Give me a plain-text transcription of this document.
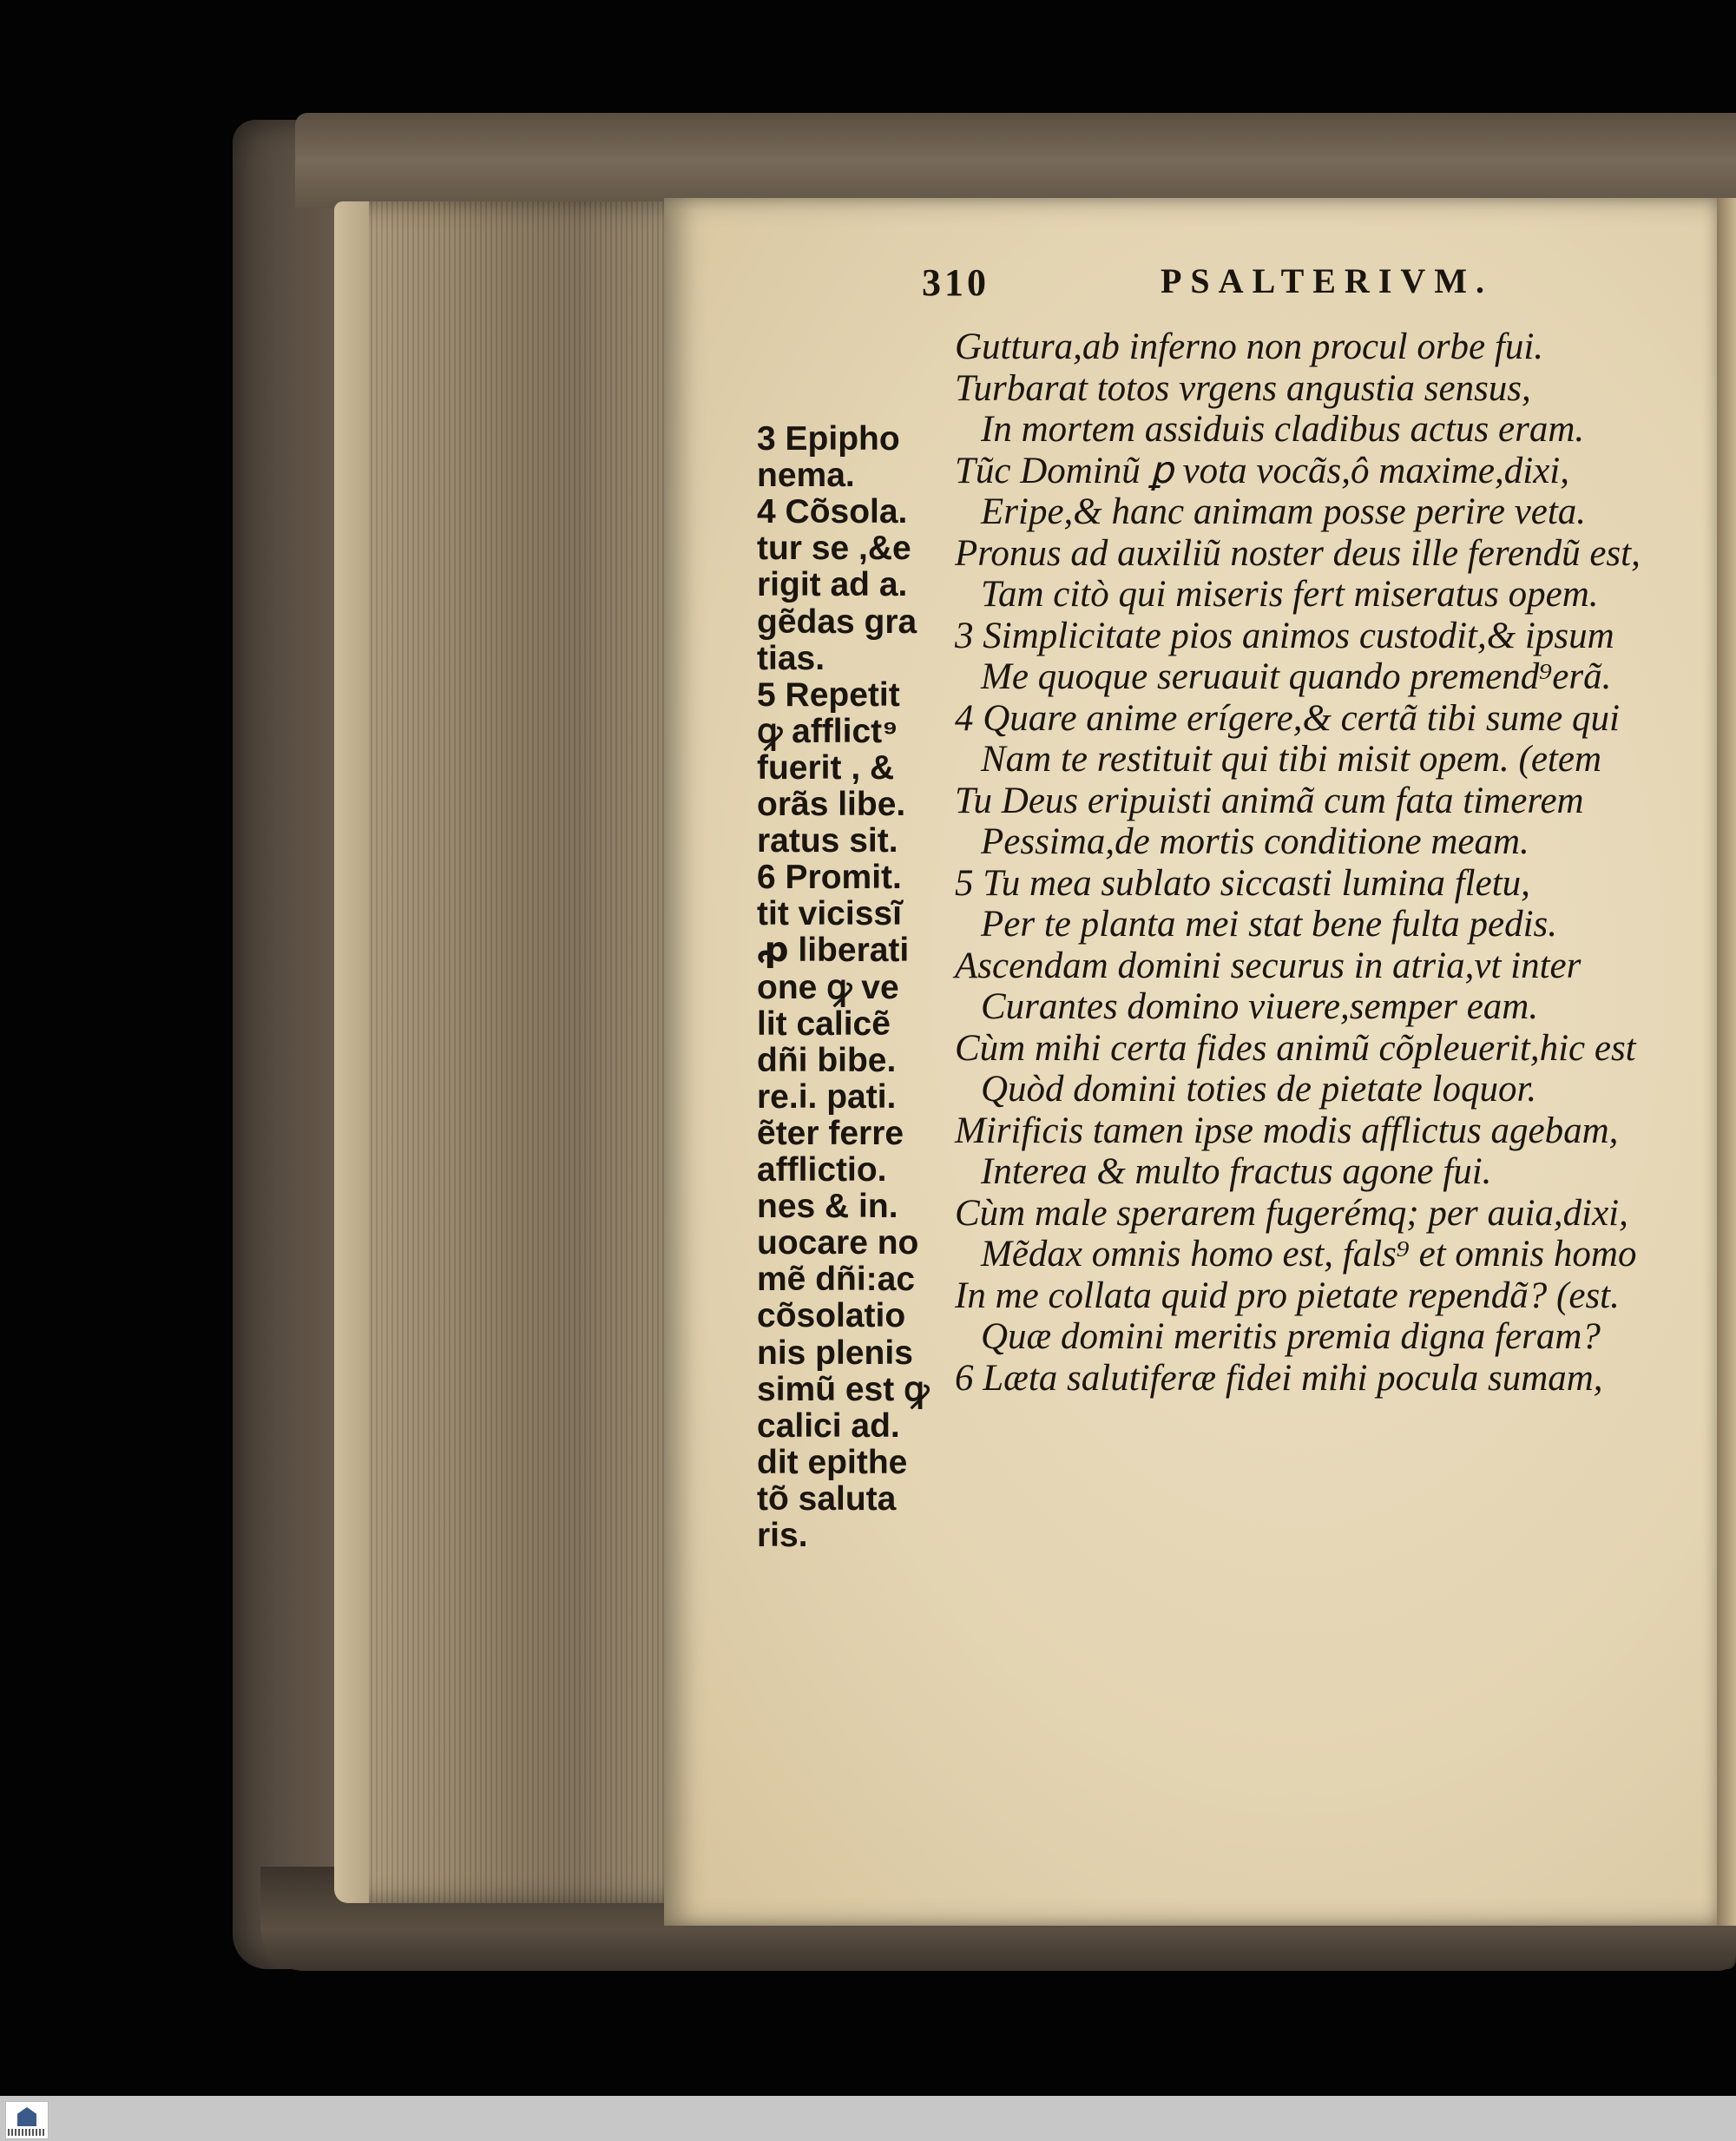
310	PSALTERIVM.
3 Epipho
nema.
4 Cõsola.
tur se ,&e
rigit ad a.
gẽdas gra
tias.
5 Repetit
ꝙ afflict⁹
fuerit , &
orãs libe.
ratus sit.
6 Promit.
tit vicissĩ
ꝓ liberati
one ꝙ ve
lit calicẽ
dñi bibe.
re.i. pati.
ẽter ferre
afflictio.
nes & in.
uocare no
mẽ dñi:ac
cõsolatio
nis plenis
simũ est ꝙ
calici ad.
dit epithe
tõ saluta
ris.
Guttura,ab inferno non procul orbe fui.
Turbarat totos vrgens angustia sensus,
In mortem assiduis cladibus actus eram.
Tũc Dominũ ꝑ vota vocãs,ô maxime,dixi,
Eripe,& hanc animam posse perire veta.
Pronus ad auxiliũ noster deus ille ferendũ est,
Tam citò qui miseris fert miseratus opem.
3 Simplicitate pios animos custodit,& ipsum
Me quoque seruauit quando premend⁹erã.
4 Quare anime erígere,& certã tibi sume qui
Nam te restituit qui tibi misit opem. (etem
Tu Deus eripuisti animã cum fata timerem
Pessima,de mortis conditione meam.
5 Tu mea sublato siccasti lumina fletu,
Per te planta mei stat bene fulta pedis.
Ascendam domini securus in atria,vt inter
Curantes domino viuere,semper eam.
Cùm mihi certa fides animũ cõpleuerit,hic est
Quòd domini toties de pietate loquor.
Mirificis tamen ipse modis afflictus agebam,
Interea & multo fractus agone fui.
Cùm male sperarem fugerémq; per auia,dixi,
Mẽdax omnis homo est, fals⁹ et omnis homo
In me collata quid pro pietate rependã? (est.
Quæ domini meritis premia digna feram?
6 Læta salutiferæ fidei mihi pocula sumam,
